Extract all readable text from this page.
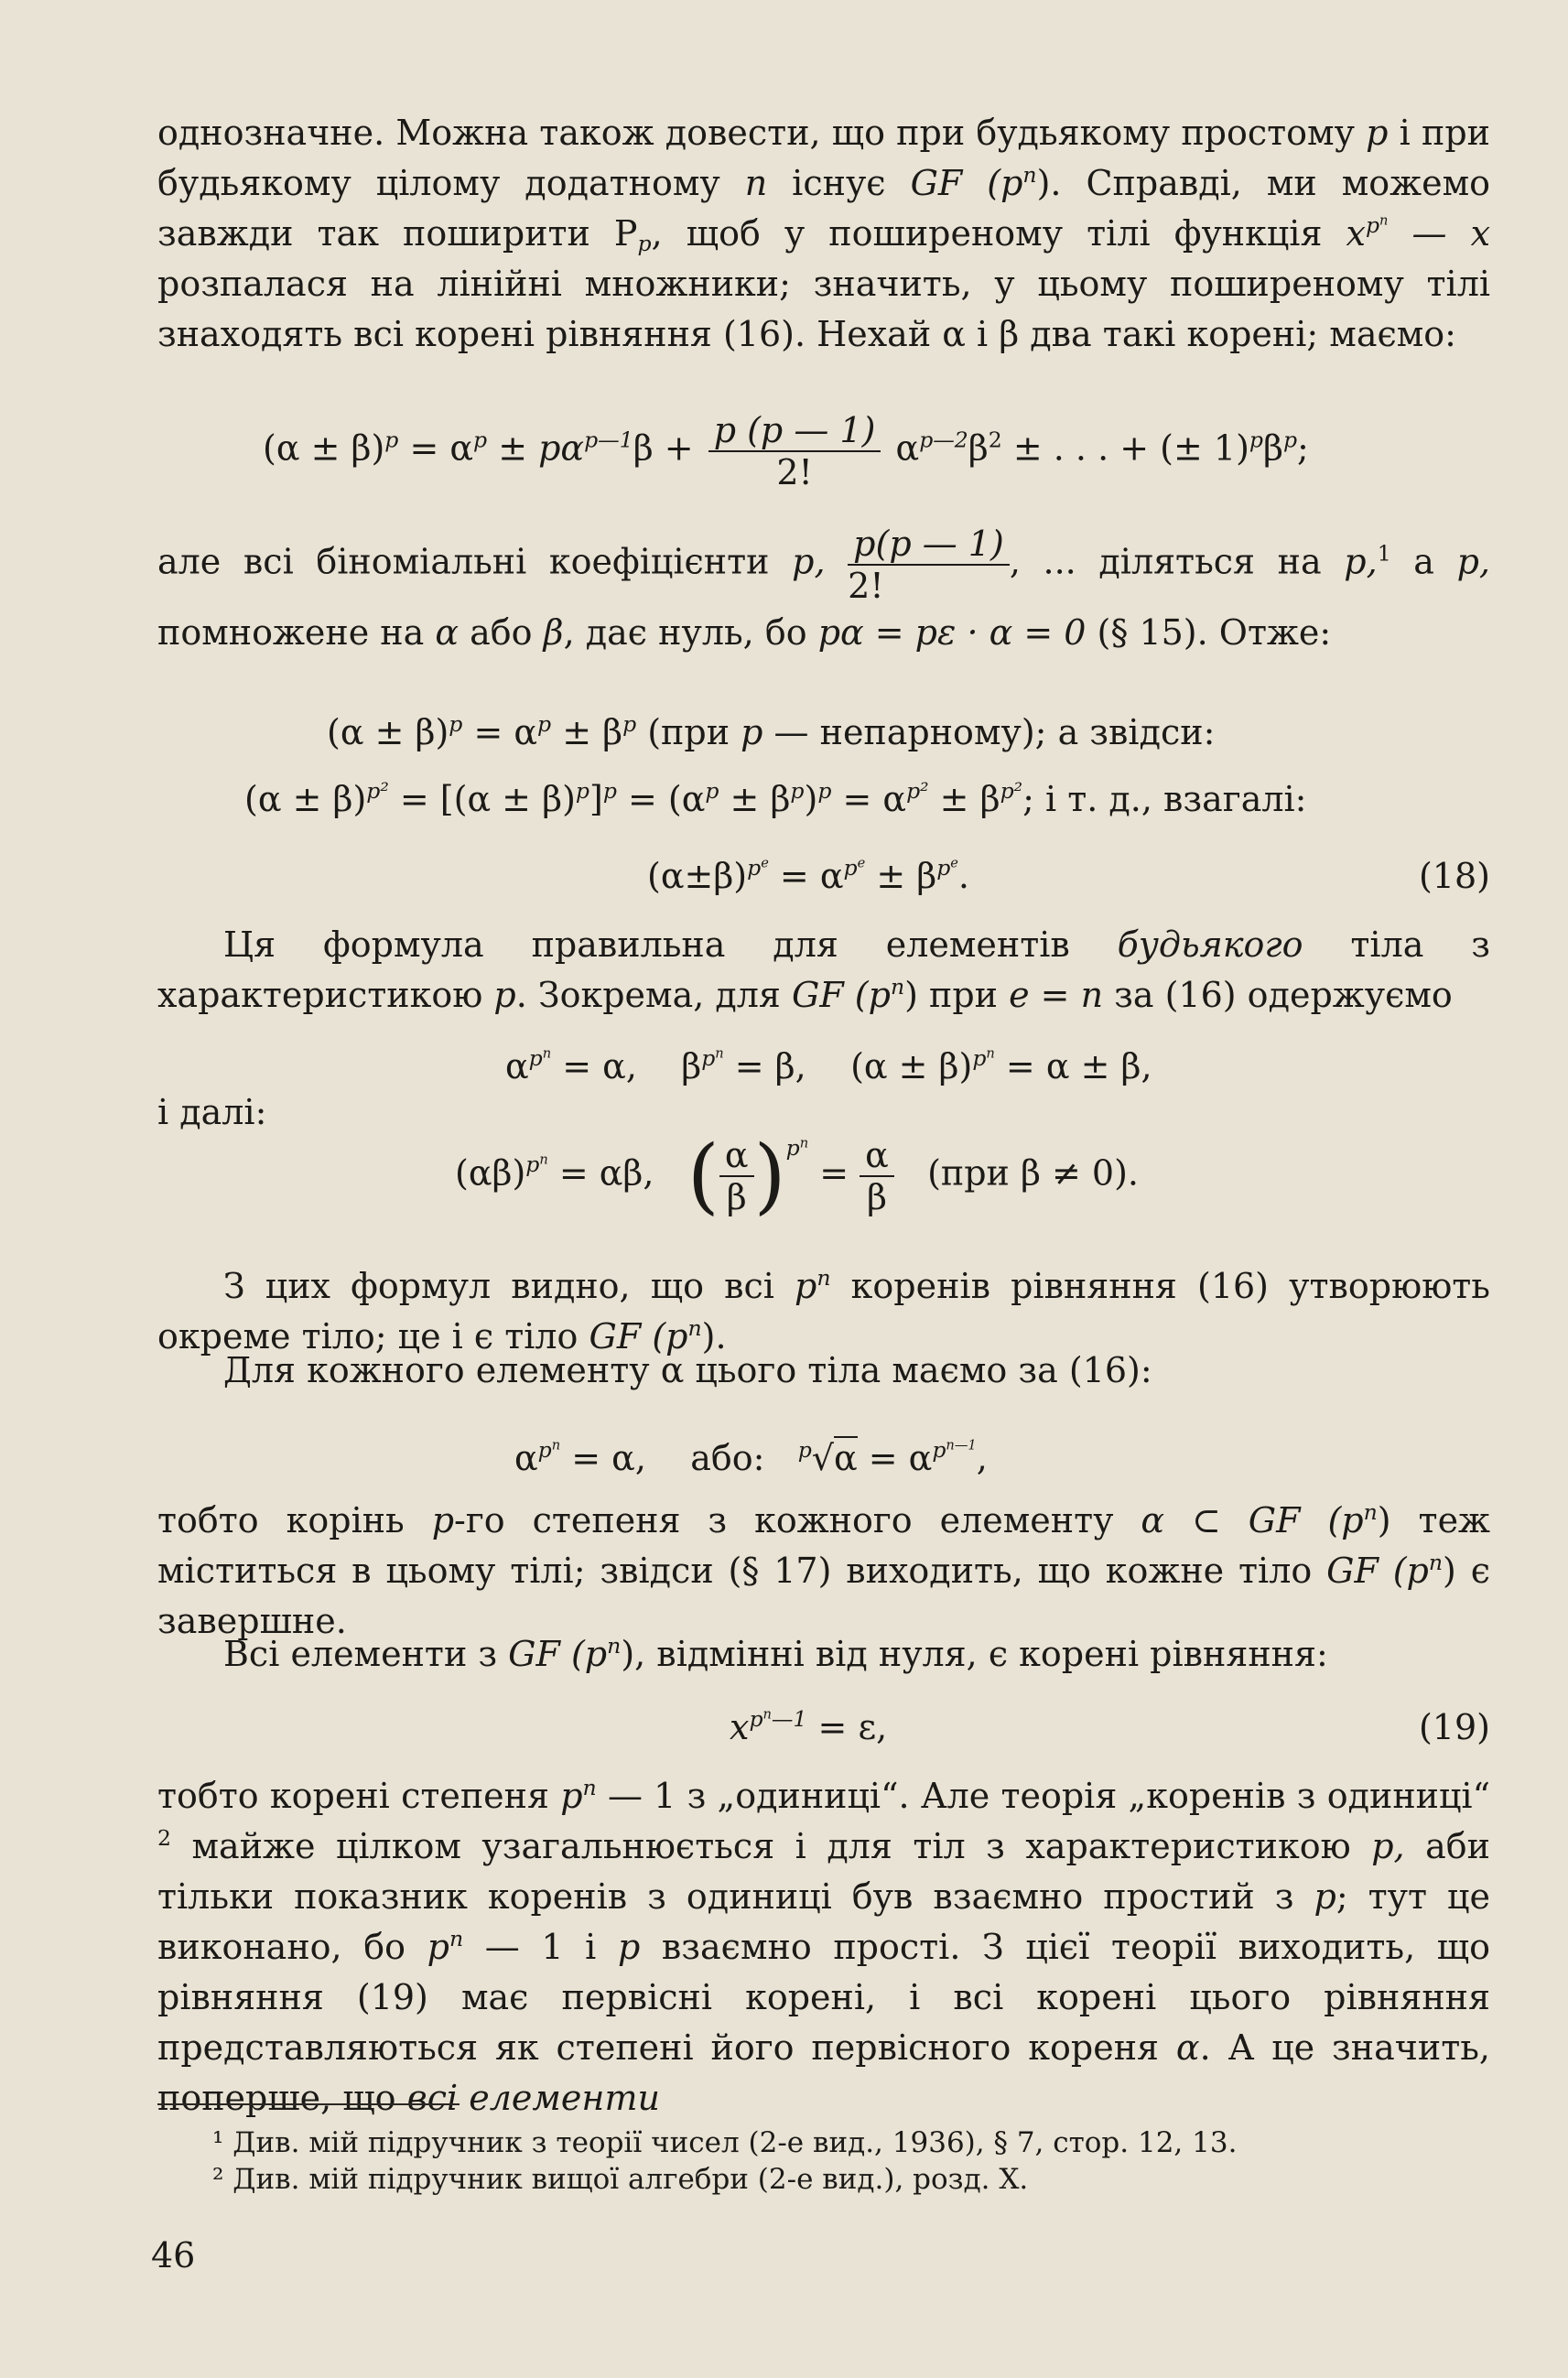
однозначне. Можна також довести, що при будьякому простому p і при будьякому цілому додатному n існує GF $(p^n)$. Справді, ми можемо завжди так поширити $P_p$, щоб у поширеному тілі функція $x^{p^n}$ — x розпалася на лінійні множники; значить, у цьому поширеному тілі знаходять всі корені рівняння (16). Нехай α і β два такі корені; маємо:

$(\alpha \pm \beta)^p = \alpha^p \pm p\alpha^{p—1}\beta + \frac{p (p — 1)}{2!} \alpha^{p—2}\beta^2$ ± . . . + (± $1)^p\beta^p$;

але всі біноміальні коефіцієнти p, $\frac{p(p — 1)}{2!}$ , ... діляться на p,$^1$ а p, помножене на α або β, дає нуль, бо pα = pε · α = 0 (§ 15). Отже:

$(\alpha \pm \beta)^p = \alpha^p \pm \beta^p$ (при p — непарному); а звідси:
$(\alpha \pm \beta)^{p^2} = [(\alpha \pm \beta)^p]^p = (\alpha^p \pm \beta^p)^p = \alpha^{p^2} \pm \beta^{p^2}$; і т. д., взагалі:
$(\alpha\pm\beta)^{p^e} = \alpha^{p^e} \pm \beta^{p^e}$.	(18)

Ця формула правильна для елементів будьякого тіла з характеристикою p. Зокрема, для GF $(p^n)$ при e = n за (16) одержуємо

$\alpha^{p^n} = \alpha$, $\beta^{p^n} = \beta$, $(\alpha \pm \beta)^{p^n} = \alpha \pm \beta$,

і далі:

$(\alpha\beta)^{p^n} = \alpha\beta$, ( $\frac{\alpha}{\beta} )^{p^n} = \frac{\alpha}{\beta} (при$ β ≠ 0).

З цих формул видно, що всі $p^n$ коренів рівняння (16) утворюють окреме тіло; це і є тіло GF $(p^n)$.

Для кожного елементу α цього тіла маємо за (16):

$\alpha^{p^n} = \alpha$, або: $^p√\alpha = \alpha^{p^{n—1}}$,

тобто корінь p-го степеня з кожного елементу α ⊂ GF $(p^n)$ теж міститься в цьому тілі; звідси (§ 17) виходить, що кожне тіло GF $(p^n)$ є завершне.

Всі елементи з GF $(p^n)$, відмінні від нуля, є корені рівняння:

$x^{p^n—1} = \varepsilon$,	(19)

тобто корені степеня $p^n$ — 1 з „одиниці“. Але теорія „коренів з одиниці“ $^2$ майже цілком узагальнюється і для тіл з характеристикою p, аби тільки показник коренів з одиниці був взаємно простий з p; тут це виконано, бо $p^n$ — 1 і p взаємно прості. З цієї теорії виходить, що рівняння (19) має первісні корені, і всі корені цього рівняння представляються як степені його первісного кореня α. А це значить, поперше, що всі елементи

¹ Див. мій підручник з теорії чисел (2-е вид., 1936), § 7, стор. 12, 13.
² Див. мій підручник вищої алгебри (2-е вид.), розд. X.
46
